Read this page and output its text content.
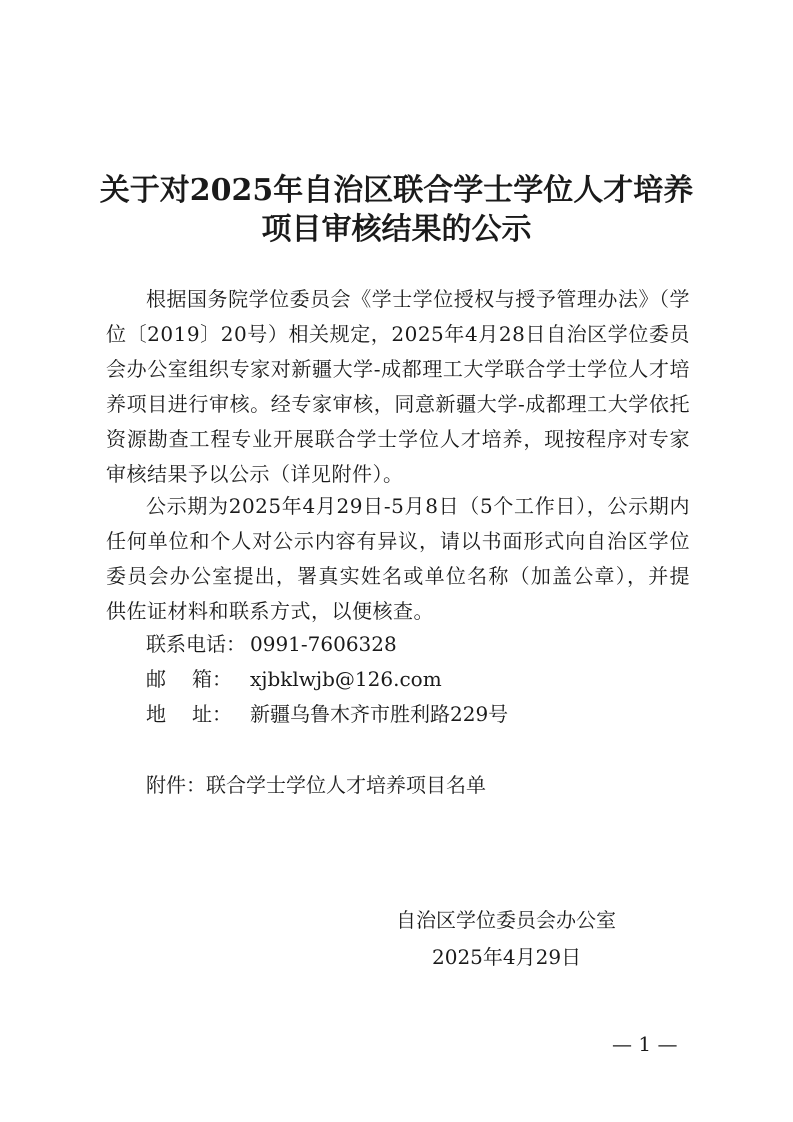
关于对2025年自治区联合学士学位人才培养
项目审核结果的公示

根据国务院学位委员会《学士学位授权与授予管理办法》（学位〔2019〕20号）相关规定，2025年4月28日自治区学位委员会办公室组织专家对新疆大学-成都理工大学联合学士学位人才培养项目进行审核。经专家审核，同意新疆大学-成都理工大学依托资源勘查工程专业开展联合学士学位人才培养，现按程序对专家审核结果予以公示（详见附件）。

公示期为2025年4月29日-5月8日（5个工作日），公示期内任何单位和个人对公示内容有异议，请以书面形式向自治区学位委员会办公室提出，署真实姓名或单位名称（加盖公章），并提供佐证材料和联系方式，以便核查。

联系电话： 0991-7606328
邮 箱： xjbklwjb@126.com
地 址： 新疆乌鲁木齐市胜利路229号
附件：联合学士学位人才培养项目名单
自治区学位委员会办公室
2025年4月29日
— 1 —
